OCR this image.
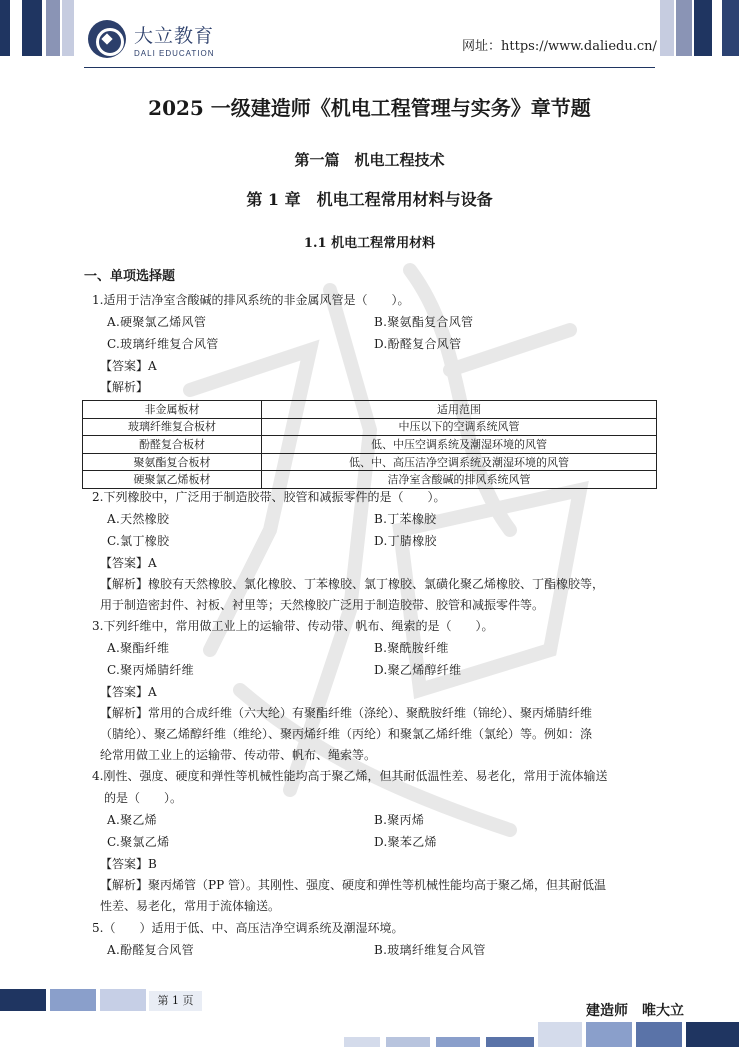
大立教育
DALI EDUCATION	网址：https://www.daliedu.cn/
2025 一级建造师《机电工程管理与实务》章节题
第一篇　机电工程技术
第 1 章　机电工程常用材料与设备
1.1 机电工程常用材料
一、单项选择题
1.适用于洁净室含酸碱的排风系统的非金属风管是（　　）。
A.硬聚氯乙烯风管	B.聚氨酯复合风管
C.玻璃纤维复合风管	D.酚醛复合风管
【答案】A
【解析】
非金属板材	适用范围
玻璃纤维复合板材	中压以下的空调系统风管
酚醛复合板材	低、中压空调系统及潮湿环境的风管
聚氨酯复合板材	低、中、高压洁净空调系统及潮湿环境的风管
硬聚氯乙烯板材	洁净室含酸碱的排风系统风管
2.下列橡胶中，广泛用于制造胶带、胶管和减振零件的是（　　）。
A.天然橡胶	B.丁苯橡胶
C.氯丁橡胶	D.丁腈橡胶
【答案】A
【解析】橡胶有天然橡胶、氯化橡胶、丁苯橡胶、氯丁橡胶、氯磺化聚乙烯橡胶、丁酯橡胶等，
用于制造密封件、衬板、衬里等；天然橡胶广泛用于制造胶带、胶管和减振零件等。
3.下列纤维中，常用做工业上的运输带、传动带、帆布、绳索的是（　　）。
A.聚酯纤维	B.聚酰胺纤维
C.聚丙烯腈纤维	D.聚乙烯醇纤维
【答案】A
【解析】常用的合成纤维（六大纶）有聚酯纤维（涤纶）、聚酰胺纤维（锦纶）、聚丙烯腈纤维
（腈纶）、聚乙烯醇纤维（维纶）、聚丙烯纤维（丙纶）和聚氯乙烯纤维（氯纶）等。例如：涤
纶常用做工业上的运输带、传动带、帆布、绳索等。
4.刚性、强度、硬度和弹性等机械性能均高于聚乙烯，但其耐低温性差、易老化，常用于流体输送
的是（　　）。
A.聚乙烯	B.聚丙烯
C.聚氯乙烯	D.聚苯乙烯
【答案】B
【解析】聚丙烯管（PP 管）。其刚性、强度、硬度和弹性等机械性能均高于聚乙烯，但其耐低温
性差、易老化，常用于流体输送。
5.（　　）适用于低、中、高压洁净空调系统及潮湿环境。
A.酚醛复合风管	B.玻璃纤维复合风管
第 1 页
建造师　唯大立
